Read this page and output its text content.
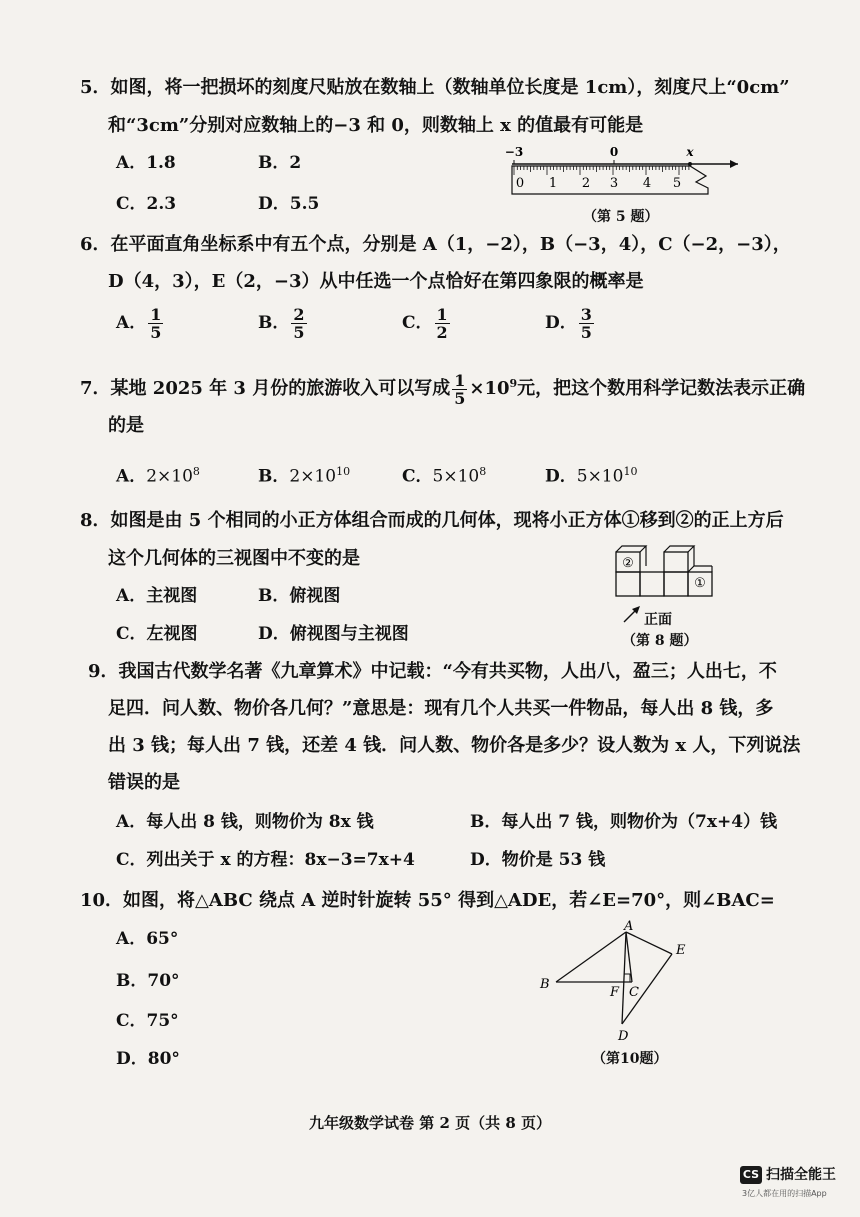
5．如图，将一把损坏的刻度尺贴放在数轴上（数轴单位长度是 1cm），刻度尺上“0cm”
和“3cm”分别对应数轴上的−3 和 0，则数轴上 x 的值最有可能是
A．1.8	B．2
C．2.3	D．5.5
−3	0	x
0 1 2 3 4 5
（第 5 题）
6．在平面直角坐标系中有五个点，分别是 A（1，−2），B（−3，4），C（−2，−3），
D（4，3），E（2，−3）从中任选一个点恰好在第四象限的概率是
A． $\frac{1}{5}$	B． $\frac{2}{5}$	C． $\frac{1}{2}$	D． $\frac{3}{5}$
7．某地 2025 年 3 月份的旅游收入可以写成 $\frac{1}{5} \times 10^9$元，把这个数用科学记数法表示正确
的是
A．$2\times 10^8$	B．$2\times 10^{10}$	C．$5\times 10^8$	D．$5\times 10^{10}$
8．如图是由 5 个相同的小正方体组合而成的几何体，现将小正方体①移到②的正上方后
这个几何体的三视图中不变的是
A．主视图	B．俯视图
C．左视图	D．俯视图与主视图
②
①
正面
（第 8 题）
9．我国古代数学名著《九章算术》中记载：“今有共买物，人出八，盈三；人出七，不
足四．问人数、物价各几何？”意思是：现有几个人共买一件物品，每人出 8 钱，多
出 3 钱；每人出 7 钱，还差 4 钱．问人数、物价各是多少？设人数为 x 人，下列说法
错误的是
A．每人出 8 钱，则物价为 8x 钱	B．每人出 7 钱，则物价为（7x+4）钱
C．列出关于 x 的方程：8x−3=7x+4	D．物价是 53 钱
10．如图，将△ABC 绕点 A 逆时针旋转 55° 得到△ADE，若∠E=70°，则∠BAC=
A．65°
B．70°
C．75°
D．80°
A
E
B
F C
D
（第10题）
九年级数学试卷 第 2 页（共 8 页）
CS 扫描全能王
3亿人都在用的扫描App
